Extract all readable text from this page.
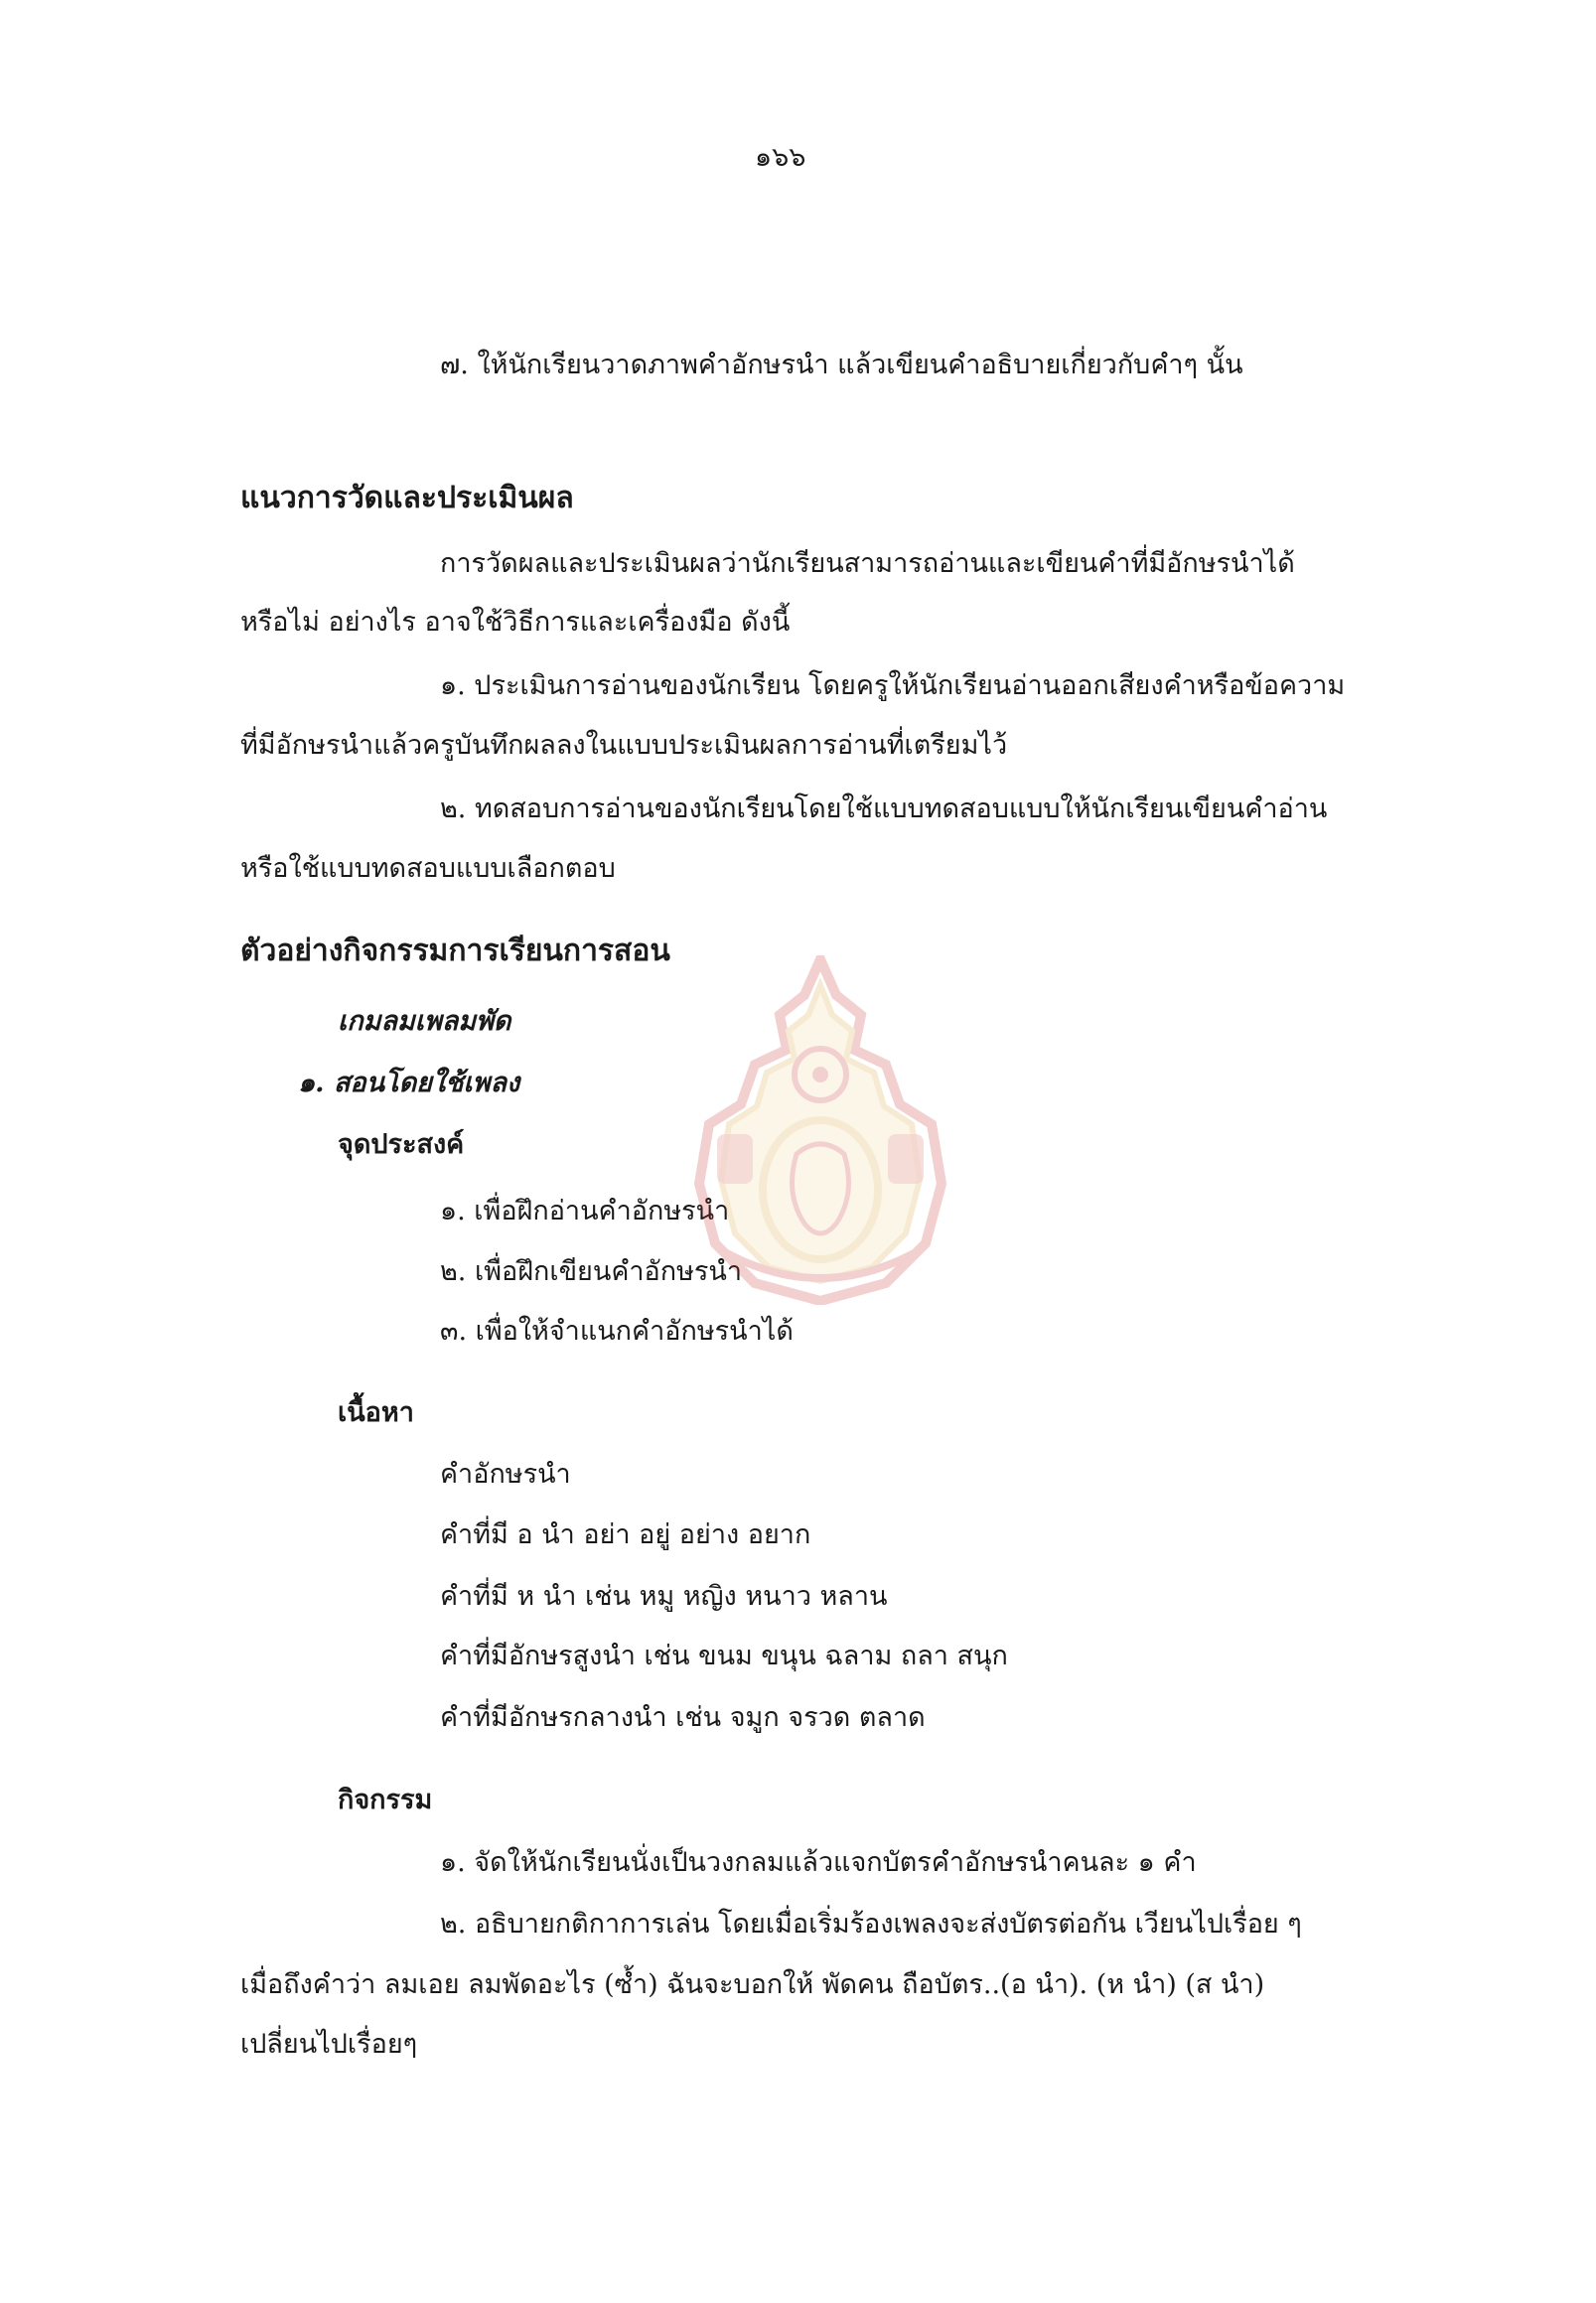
๑๖๖
๗. ให้นักเรียนวาดภาพคำอักษรนำ แล้วเขียนคำอธิบายเกี่ยวกับคำๆ นั้น
แนวการวัดและประเมินผล
การวัดผลและประเมินผลว่านักเรียนสามารถอ่านและเขียนคำที่มีอักษรนำได้
หรือไม่ อย่างไร อาจใช้วิธีการและเครื่องมือ ดังนี้
๑. ประเมินการอ่านของนักเรียน โดยครูให้นักเรียนอ่านออกเสียงคำหรือข้อความ
ที่มีอักษรนำแล้วครูบันทึกผลลงในแบบประเมินผลการอ่านที่เตรียมไว้
๒. ทดสอบการอ่านของนักเรียนโดยใช้แบบทดสอบแบบให้นักเรียนเขียนคำอ่าน
หรือใช้แบบทดสอบแบบเลือกตอบ
ตัวอย่างกิจกรรมการเรียนการสอน
เกมลมเพลมพัด
๑. สอนโดยใช้เพลง
จุดประสงค์
๑. เพื่อฝึกอ่านคำอักษรนำ
๒. เพื่อฝึกเขียนคำอักษรนำ
๓. เพื่อให้จำแนกคำอักษรนำได้
เนื้อหา
คำอักษรนำ
คำที่มี อ นำ อย่า อยู่ อย่าง อยาก
คำที่มี ห นำ เช่น หมู หญิง หนาว หลาน
คำที่มีอักษรสูงนำ เช่น ขนม ขนุน ฉลาม ถลา สนุก
คำที่มีอักษรกลางนำ เช่น จมูก จรวด ตลาด
กิจกรรม
๑. จัดให้นักเรียนนั่งเป็นวงกลมแล้วแจกบัตรคำอักษรนำคนละ ๑ คำ
๒. อธิบายกติกาการเล่น โดยเมื่อเริ่มร้องเพลงจะส่งบัตรต่อกัน เวียนไปเรื่อย ๆ
เมื่อถึงคำว่า ลมเอย ลมพัดอะไร (ซ้ำ) ฉันจะบอกให้ พัดคน ถือบัตร..(อ นำ). (ห นำ) (ส นำ)
เปลี่ยนไปเรื่อยๆ
